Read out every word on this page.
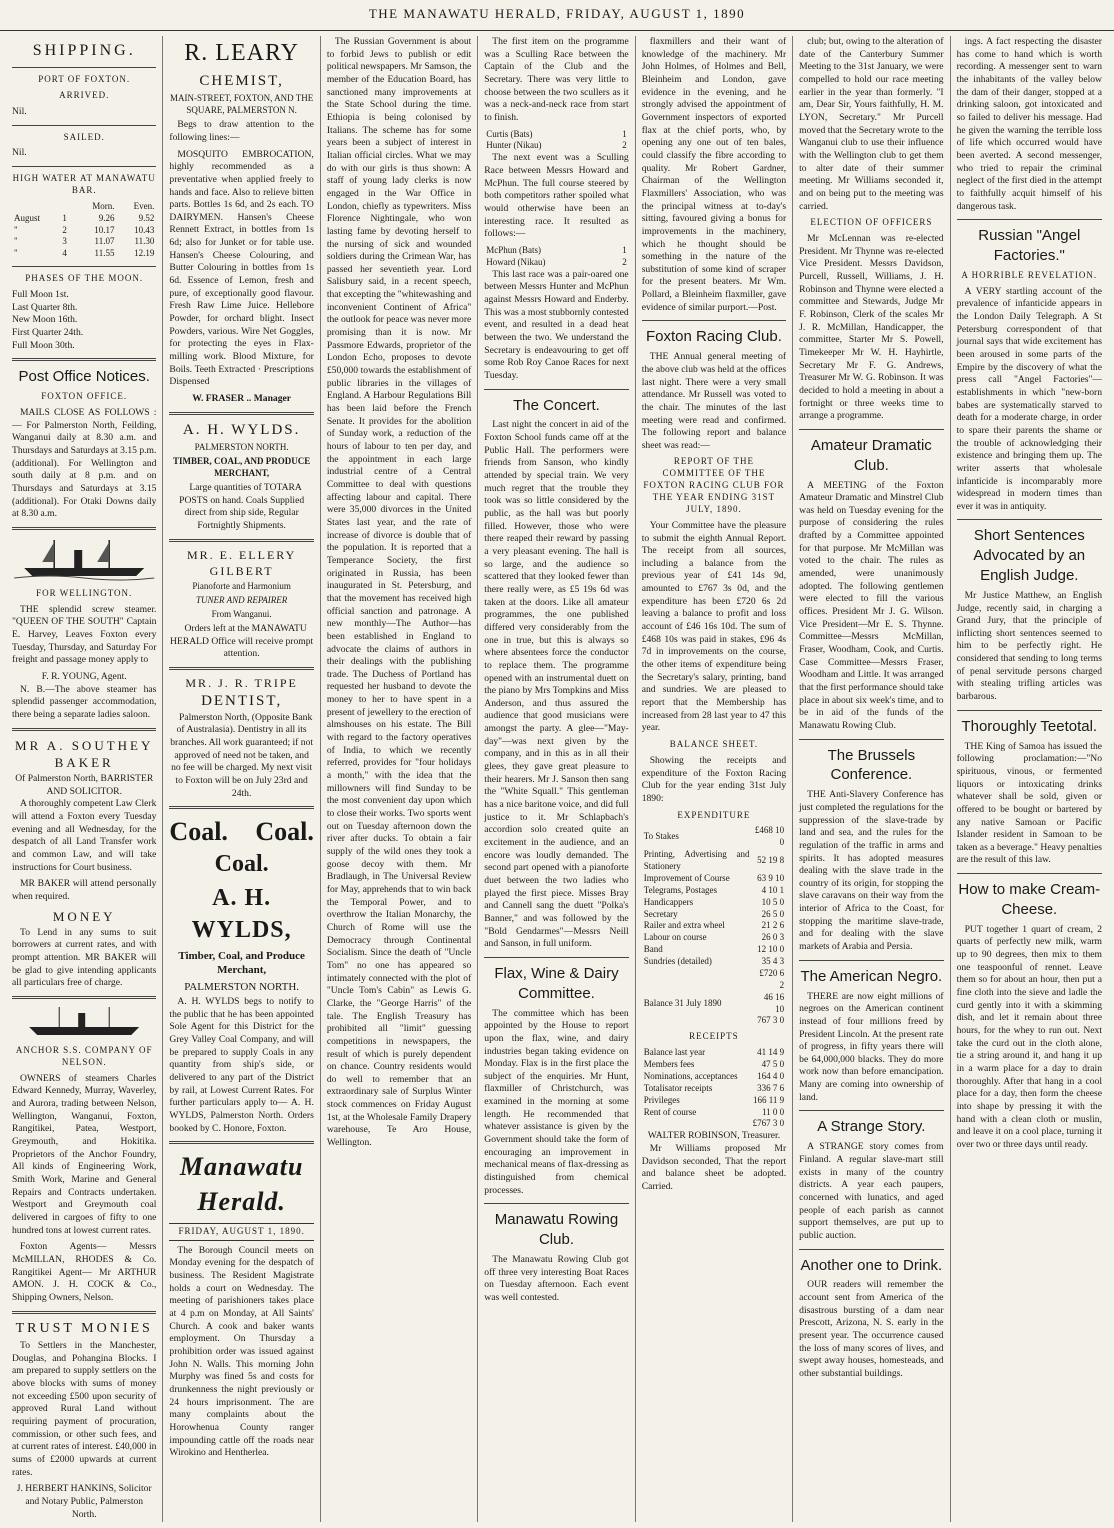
THE MANAWATU HERALD, FRIDAY, AUGUST 1, 1890
SHIPPING.
PORT OF FOXTON.
ARRIVED.
Nil.
SAILED.
Nil.
HIGH WATER AT MANAWATU BAR.
		Morn.	Even.
August	1	9.26	9.52
"	2	10.17	10.43
"	3	11.07	11.30
"	4	11.55	12.19
PHASES OF THE MOON.
Full Moon 1st.
Last Quarter 8th.
New Moon 16th.
First Quarter 24th.
Full Moon 30th.
Post Office Notices.
FOXTON OFFICE.

MAILS CLOSE AS FOLLOWS :— For Palmerston North, Feilding, Wanganui daily at 8.30 a.m. and Thursdays and Saturdays at 3.15 p.m. (additional). For Wellington and south daily at 8 p.m. and on Thursdays and Saturdays at 3.15 (additional). For Otaki Downs daily at 8.30 a.m.

FOR WELLINGTON.

THE splendid screw steamer. "QUEEN OF THE SOUTH" Captain E. Harvey, Leaves Foxton every Tuesday, Thursday, and Saturday For freight and passage money apply to

F. R. YOUNG, Agent.

N. B.—The above steamer has splendid passenger accommodation, there being a separate ladies saloon.

MR A. SOUTHEY BAKER
Of Palmerston North, BARRISTER AND SOLICITOR.

A thoroughly competent Law Clerk will attend a Foxton every Tuesday evening and all Wednesday, for the despatch of all Land Transfer work and common Law, and will take instructions for Court business.

MR BAKER will attend personally when required.

MONEY

To Lend in any sums to suit borrowers at current rates, and with prompt attention. MR BAKER will be glad to give intending applicants all particulars free of charge.

ANCHOR S.S. COMPANY OF NELSON.

OWNERS of steamers Charles Edward Kennedy, Murray, Waverley, and Aurora, trading between Nelson, Wellington, Wanganui, Foxton, Rangitikei, Patea, Westport, Greymouth, and Hokitika. Proprietors of the Anchor Foundry, All kinds of Engineering Work, Smith Work, Marine and General Repairs and Contracts undertaken. Westport and Greymouth coal delivered in cargoes of fifty to one hundred tons at lowest current rates.

Foxton Agents— Messrs McMILLAN, RHODES & Co. Rangitikei Agent— Mr ARTHUR AMON. J. H. COCK & Co., Shipping Owners, Nelson.

TRUST MONIES

To Settlers in the Manchester, Douglas, and Pohangina Blocks. I am prepared to supply settlers on the above blocks with sums of money not exceeding £500 upon security of approved Rural Land without requiring payment of procuration, commission, or other such fees, and at current rates of interest. £40,000 in sums of £2000 upwards at current rates.

J. HERBERT HANKINS, Solicitor and Notary Public, Palmerston North.
R. LEARY
CHEMIST,
MAIN-STREET, FOXTON, AND THE SQUARE, PALMERSTON N.

Begs to draw attention to the following lines:—

MOSQUITO EMBROCATION, highly recommended as a preventative when applied freely to hands and face. Also to relieve bitten parts. Bottles 1s 6d, and 2s each. TO DAIRYMEN. Hansen's Cheese Rennett Extract, in bottles from 1s 6d; also for Junket or for table use. Hansen's Cheese Colouring, and Butter Colouring in bottles from 1s 6d. Essence of Lemon, fresh and pure, of exceptionally good flavour. Fresh Raw Lime Juice. Hellebore Powder, for orchard blight. Insect Powders, various. Wire Net Goggles, for protecting the eyes in Flax-milling work. Blood Mixture, for Boils. Teeth Extracted · Prescriptions Dispensed

W. FRASER .. Manager
A. H. WYLDS.
PALMERSTON NORTH.
TIMBER, COAL, AND PRODUCE MERCHANT,

Large quantities of TOTARA POSTS on hand. Coals Supplied direct from ship side, Regular Fortnightly Shipments.

MR. E. ELLERY GILBERT
Pianoforte and Harmonium
TUNER AND REPAIRER
From Wanganui.

Orders left at the MANAWATU HERALD Office will receive prompt attention.

MR. J. R. TRIPE
DENTIST,

Palmerston North, (Opposite Bank of Australasia). Dentistry in all its branches. All work guaranteed; if not approved of need not be taken, and no fee will be charged. My next visit to Foxton will be on July 23rd and 24th.

Coal. Coal.
Coal.
A. H. WYLDS,
Timber, Coal, and Produce Merchant,
PALMERSTON NORTH.

A. H. WYLDS begs to notify to the public that he has been appointed Sole Agent for this District for the Grey Valley Coal Company, and will be prepared to supply Coals in any quantity from ship's side, or delivered to any part of the District by rail, at Lowest Current Rates. For further particulars apply to— A. H. WYLDS, Palmerston North. Orders booked by C. Honore, Foxton.

Manawatu Herald.
FRIDAY, AUGUST 1, 1890.

The Borough Council meets on Monday evening for the despatch of business. The Resident Magistrate holds a court on Wednesday. The meeting of parishioners takes place at 4 p.m on Monday, at All Saints' Church. A cook and baker wants employment. On Thursday a prohibition order was issued against John N. Walls. This morning John Murphy was fined 5s and costs for drunkenness the night previously or 24 hours imprisonment. The are many complaints about the Horowhenua County ranger impounding cattle off the roads near Wirokino and Hentherlea.

The Russian Government is about to forbid Jews to publish or edit political newspapers. Mr Samson, the member of the Education Board, has sanctioned many improvements at the State School during the time. Ethiopia is being colonised by Italians. The scheme has for some years been a subject of interest in Italian official circles. What we may do with our girls is thus shown: A staff of young lady clerks is now engaged in the War Office in London, chiefly as typewriters. Miss Florence Nightingale, who won lasting fame by devoting herself to the nursing of sick and wounded soldiers during the Crimean War, has passed her seventieth year. Lord Salisbury said, in a recent speech, that excepting the "whitewashing and inconvenient Continent of Africa" the outlook for peace was never more promising than it is now. Mr Passmore Edwards, proprietor of the London Echo, proposes to devote £50,000 towards the establishment of public libraries in the villages of England. A Harbour Regulations Bill has been laid before the French Senate. It provides for the abolition of Sunday work, a reduction of the hours of labour to ten per day, and the appointment in each large industrial centre of a Central Committee to deal with questions affecting labour and capital. There were 35,000 divorces in the United States last year, and the rate of increase of divorce is double that of the population. It is reported that a Temperance Society, the first originated in Russia, has been inaugurated in St. Petersburg, and that the movement has received high official sanction and patronage. A new monthly—The Author—has been established in England to advocate the claims of authors in their dealings with the publishing trade. The Duchess of Portland has requested her husband to devote the money to her to have spent in a present of jewellery to the erection of almshouses on his estate. The Bill with regard to the factory operatives of India, to which we recently referred, provides for "four holidays a month," with the idea that the millowners will find Sunday to be the most convenient day upon which to close their works. Two sports went out on Tuesday afternoon down the river after ducks. To obtain a fair supply of the wild ones they took a goose decoy with them. Mr Bradlaugh, in The Universal Review for May, apprehends that to win back the Temporal Power, and to overthrow the Italian Monarchy, the Church of Rome will use the Democracy through Continental Socialism. Since the death of "Uncle Tom" no one has appeared so intimately connected with the plot of "Uncle Tom's Cabin" as Lewis G. Clarke, the "George Harris" of the tale. The English Treasury has prohibited all "limit" guessing competitions in newspapers, the result of which is purely dependent on chance. Country residents would do well to remember that an extraordinary sale of Surplus Winter stock commences on Friday August 1st, at the Wholesale Family Drapery warehouse, Te Aro House, Wellington.

The first item on the programme was a Sculling Race between the Captain of the Club and the Secretary. There was very little to choose between the two scullers as it was a neck-and-neck race from start to finish.

Curtis (Bats)	1
Hunter (Nikau)	2

The next event was a Sculling Race between Messrs Howard and McPhun. The full course steered by both competitors rather spoiled what would otherwise have been an interesting race. It resulted as follows:—

McPhun (Bats)	1
Howard (Nikau)	2

This last race was a pair-oared one between Messrs Hunter and McPhun against Messrs Howard and Enderby. This was a most stubbornly contested event, and resulted in a dead heat between the two. We understand the Secretary is endeavouring to get off some Rob Roy Canoe Races for next Tuesday.

The Concert.

Last night the concert in aid of the Foxton School funds came off at the Public Hall. The performers were friends from Sanson, who kindly attended by special train. We very much regret that the trouble they took was so little considered by the public, as the hall was but poorly filled. However, those who were there reaped their reward by passing a very pleasant evening. The hall is so large, and the audience so scattered that they looked fewer than there really were, as £5 19s 6d was taken at the doors. Like all amateur programmes, the one published differed very considerably from the one in true, but this is always so where absentees force the conductor to replace them. The programme opened with an instrumental duett on the piano by Mrs Tompkins and Miss Anderson, and thus assured the audience that good musicians were amongst the party. A glee—"May-day"—was next given by the company, and in this as in all their glees, they gave great pleasure to their hearers. Mr J. Sanson then sang the "White Squall." This gentleman has a nice baritone voice, and did full justice to it. Mr Schlapbach's accordion solo created quite an excitement in the audience, and an encore was loudly demanded. The second part opened with a pianoforte duet between the two ladies who played the first piece. Misses Bray and Cannell sang the duett "Polka's Banner," and was followed by the "Bold Gendarmes"—Messrs Neill and Sanson, in full uniform.

Flax, Wine & Dairy Committee.

The committee which has been appointed by the House to report upon the flax, wine, and dairy industries began taking evidence on Monday. Flax is in the first place the subject of the enquiries. Mr Hunt, flaxmiller of Christchurch, was examined in the morning at some length. He recommended that whatever assistance is given by the Government should take the form of encouraging an improvement in mechanical means of flax-dressing as distinguished from chemical processes.

Manawatu Rowing Club.

The Manawatu Rowing Club got off three very interesting Boat Races on Tuesday afternoon. Each event was well contested.

flaxmillers and their want of knowledge of the machinery. Mr John Holmes, of Holmes and Bell, Bleinheim and London, gave evidence in the evening, and he strongly advised the appointment of Government inspectors of exported flax at the chief ports, who, by opening any one out of ten bales, could classify the fibre according to quality. Mr Robert Gardner, Chairman of the Wellington Flaxmillers' Association, who was the principal witness at to-day's sitting, favoured giving a bonus for improvements in the machinery, which he thought should be something in the nature of the substitution of some kind of scraper for the present beaters. Mr Wm. Pollard, a Bleinheim flaxmiller, gave evidence of similar purport.—Post.

Foxton Racing Club.

THE Annual general meeting of the above club was held at the offices last night. There were a very small attendance. Mr Russell was voted to the chair. The minutes of the last meeting were read and confirmed. The following report and balance sheet was read:—

REPORT OF THE COMMITTEE OF THE FOXTON RACING CLUB FOR THE YEAR ENDING 31ST JULY, 1890.

Your Committee have the pleasure to submit the eighth Annual Report. The receipt from all sources, including a balance from the previous year of £41 14s 9d, amounted to £767 3s 0d, and the expenditure has been £720 6s 2d leaving a balance to profit and loss account of £46 16s 10d. The sum of £468 10s was paid in stakes, £96 4s 7d in improvements on the course, the other items of expenditure being the Secretary's salary, printing, band and sundries. We are pleased to report that the Membership has increased from 28 last year to 47 this year.

BALANCE SHEET.

Showing the receipts and expenditure of the Foxton Racing Club for the year ending 31st July 1890:

EXPENDITURE
To Stakes	£468 10 0
Printing, Advertising and Stationery	52 19 8
Improvement of Course	63 9 10
Telegrams, Postages	4 10 1
Handicappers	10 5 0
Secretary	26 5 0
Railer and extra wheel	21 2 6
Labour on course	26 0 3
Band	12 10 0
Sundries (detailed)	35 4 3
	£720 6 2
Balance 31 July 1890	46 16 10
	767 3 0
RECEIPTS
Balance last year	41 14 9
Members fees	47 5 0
Nominations, acceptances	164 4 0
Totalisator receipts	336 7 6
Privileges	166 11 9
Rent of course	11 0 0
	£767 3 0
WALTER ROBINSON, Treasurer.

Mr Williams proposed Mr Davidson seconded, That the report and balance sheet be adopted. Carried.

club; but, owing to the alteration of date of the Canterbury Summer Meeting to the 31st January, we were compelled to hold our race meeting earlier in the year than formerly. "I am, Dear Sir, Yours faithfully, H. M. LYON, Secretary." Mr Purcell moved that the Secretary wrote to the Wanganui club to use their influence with the Wellington club to get them to alter date of their summer meeting. Mr Williams seconded it, and on being put to the meeting was carried.

ELECTION OF OFFICERS

Mr McLennan was re-elected President. Mr Thynne was re-elected Vice President. Messrs Davidson, Purcell, Russell, Williams, J. H. Robinson and Thynne were elected a committee and Stewards, Judge Mr F. Robinson, Clerk of the scales Mr J. R. McMillan, Handicapper, the committee, Starter Mr S. Powell, Timekeeper Mr W. H. Hayhirtle, Secretary Mr F. G. Andrews, Treasurer Mr W. G. Robinson. It was decided to hold a meeting in about a fortnight or three weeks time to arrange a programme.

Amateur Dramatic Club.

A MEETING of the Foxton Amateur Dramatic and Minstrel Club was held on Tuesday evening for the purpose of considering the rules drafted by a Committee appointed for that purpose. Mr McMillan was voted to the chair. The rules as amended, were unanimously adopted. The following gentlemen were elected to fill the various offices. President Mr J. G. Wilson. Vice President—Mr E. S. Thynne. Committee—Messrs McMillan, Fraser, Woodham, Cook, and Curtis. Case Committee—Messrs Fraser, Woodham and Little. It was arranged that the first performance should take place in about six week's time, and to be in aid of the funds of the Manawatu Rowing Club.

The Brussels Conference.

THE Anti-Slavery Conference has just completed the regulations for the suppression of the slave-trade by land and sea, and the rules for the regulation of the traffic in arms and spirits. It has adopted measures dealing with the slave trade in the country of its origin, for stopping the slave caravans on their way from the interior of Africa to the Coast, for stopping the maritime slave-trade, and for dealing with the slave markets of Arabia and Persia.

The American Negro.

THERE are now eight millions of negroes on the American continent instead of four millions freed by President Lincoln. At the present rate of progress, in fifty years there will be 64,000,000 blacks. They do more work now than before emancipation. Many are coming into ownership of land.

A Strange Story.

A STRANGE story comes from Finland. A regular slave-mart still exists in many of the country districts. A year each paupers, concerned with lunatics, and aged people of each parish as cannot support themselves, are put up to public auction.

Another one to Drink.

OUR readers will remember the account sent from America of the disastrous bursting of a dam near Prescott, Arizona, N. S. early in the present year. The occurrence caused the loss of many scores of lives, and swept away houses, homesteads, and other substantial buildings.

ings. A fact respecting the disaster has come to hand which is worth recording. A messenger sent to warn the inhabitants of the valley below the dam of their danger, stopped at a drinking saloon, got intoxicated and so failed to deliver his message. Had he given the warning the terrible loss of life which occurred would have been averted. A second messenger, who tried to repair the criminal neglect of the first died in the attempt to faithfully acquit himself of his dangerous task.

Russian "Angel Factories."
A HORRIBLE REVELATION.

A VERY startling account of the prevalence of infanticide appears in the London Daily Telegraph. A St Petersburg correspondent of that journal says that wide excitement has been aroused in some parts of the Empire by the discovery of what the press call "Angel Factories"—establishments in which "new-born babes are systematically starved to death for a moderate charge, in order to spare their parents the shame or the trouble of acknowledging their existence and bringing them up. The writer asserts that wholesale infanticide is incomparably more widespread in modern times than ever it was in antiquity.

Short Sentences Advocated by an English Judge.

Mr Justice Matthew, an English Judge, recently said, in charging a Grand Jury, that the principle of inflicting short sentences seemed to him to be perfectly right. He considered that sending to long terms of penal servitude persons charged with stealing trifling articles was barbarous.

Thoroughly Teetotal.

THE King of Samoa has issued the following proclamation:—"No spirituous, vinous, or fermented liquors or intoxicating drinks whatever shall be sold, given or offered to be bought or bartered by any native Samoan or Pacific Islander resident in Samoan to be taken as a beverage." Heavy penalties are the result of this law.

How to make Cream-Cheese.

PUT together 1 quart of cream, 2 quarts of perfectly new milk, warm up to 90 degrees, then mix to them one teaspoonful of rennet. Leave them so for about an hour, then put a fine cloth into the sieve and ladle the curd gently into it with a skimming dish, and let it remain about three hours, for the whey to run out. Next take the curd out in the cloth alone, tie a string around it, and hang it up in a warm place for a day to drain thoroughly. After that hang in a cool place for a day, then form the cheese into shape by pressing it with the hand with a clean cloth or muslin, and leave it on a cool place, turning it over two or three days until ready.
